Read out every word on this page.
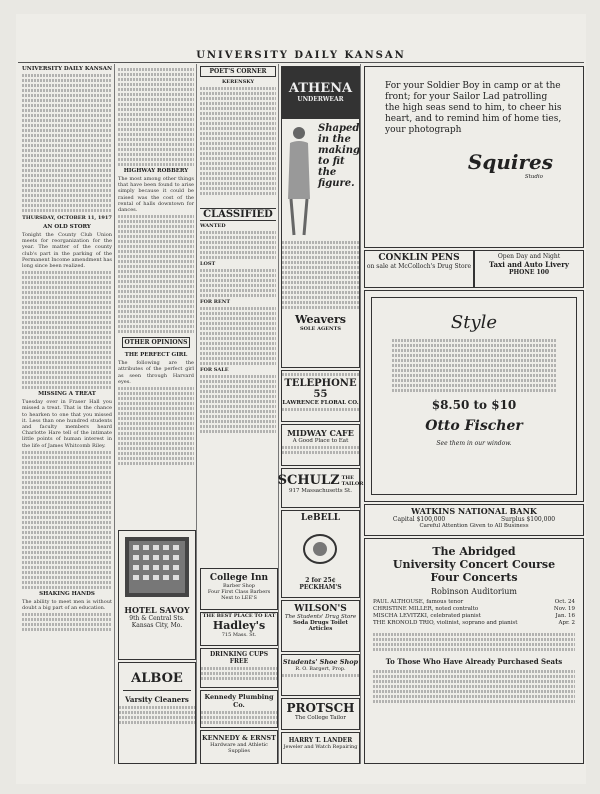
UNIVERSITY DAILY KANSAN
UNIVERSITY DAILY KANSAN
THURSDAY, OCTOBER 11, 1917
AN OLD STORY
Tonight the County Club Union meets for reorganization for the year. The matter of the county club's part in the parking of the Permanent Income amendment has long since been realized.
MISSING A TREAT
Tuesday over in Fraser Hall you missed a treat. That is the chance to hearken to one that you missed it. Less than one hundred students and faculty members heard Charlotte Hare tell of the intimate little points of human interest in the life of James Whitcomb Riley.
SHAKING HANDS
The ability to meet men is without doubt a big part of an education.
HIGHWAY ROBBERY
The most among other things that have been found to arise simply because it could be raised was the cost of the rental of halls downtown for dances.
OTHER OPINIONS
THE PERFECT GIRL
The following are the attributes of the perfect girl as seen through Harvard eyes.
HOTEL SAVOY
9th & Central Sts.
Kansas City, Mo.
ALBOE
Varsity Cleaners
POET'S CORNER
KERENSKY
CLASSIFIED
WANTED
LOST
FOR RENT
FOR SALE
College Inn
Barber Shop
Four First Class Barbers Next to LEE'S
THE BEST PLACE TO EAT
Hadley's
715 Mass. St.
DRINKING CUPS FREE
Kennedy Plumbing Co.
KENNEDY & ERNST
Hardware and Athletic Supplies
ATHENA
UNDERWEAR
Shaped in the making to fit the figure.
Weavers
SOLE AGENTS
TELEPHONE 55
LAWRENCE FLORAL CO.
MIDWAY CAFE
A Good Place to Eat
SCHULZ THE TAILOR
917 Massachusetts St.
LeBELL
2 for 25¢
PECKHAM'S
WILSON'S
The Students' Drug Store
Soda Drugs Toilet Articles
Students' Shoe Shop
R. O. Bargert, Prop.
PROTSCH
The College Tailor
HARRY T. LANDER
Jeweler and Watch Repairing
For your Soldier Boy in camp or at the front; for your Sailor Lad patrolling the high seas send to him, to cheer his heart, and to remind him of home ties, your photograph
Squires
Studio
CONKLIN PENS
on sale at McColloch's Drug Store
Open Day and Night
Taxi and Auto Livery
PHONE 100
Style
$8.50 to $10
Otto Fischer
See them in our window.
WATKINS NATIONAL BANK
Capital $100,000	Surplus $100,000
Careful Attention Given to All Business
The Abridged
University Concert Course
Four Concerts
Robinson Auditorium
PAUL ALTHOUSE, famous tenor	Oct. 24
CHRISTINE MILLER, noted contralto	Nov. 19
MISCHA LEVITZKI, celebrated pianist	Jan. 16
THE KRONOLD TRIO, violinist, soprano and pianist	Apr. 2
To Those Who Have Already Purchased Seats
